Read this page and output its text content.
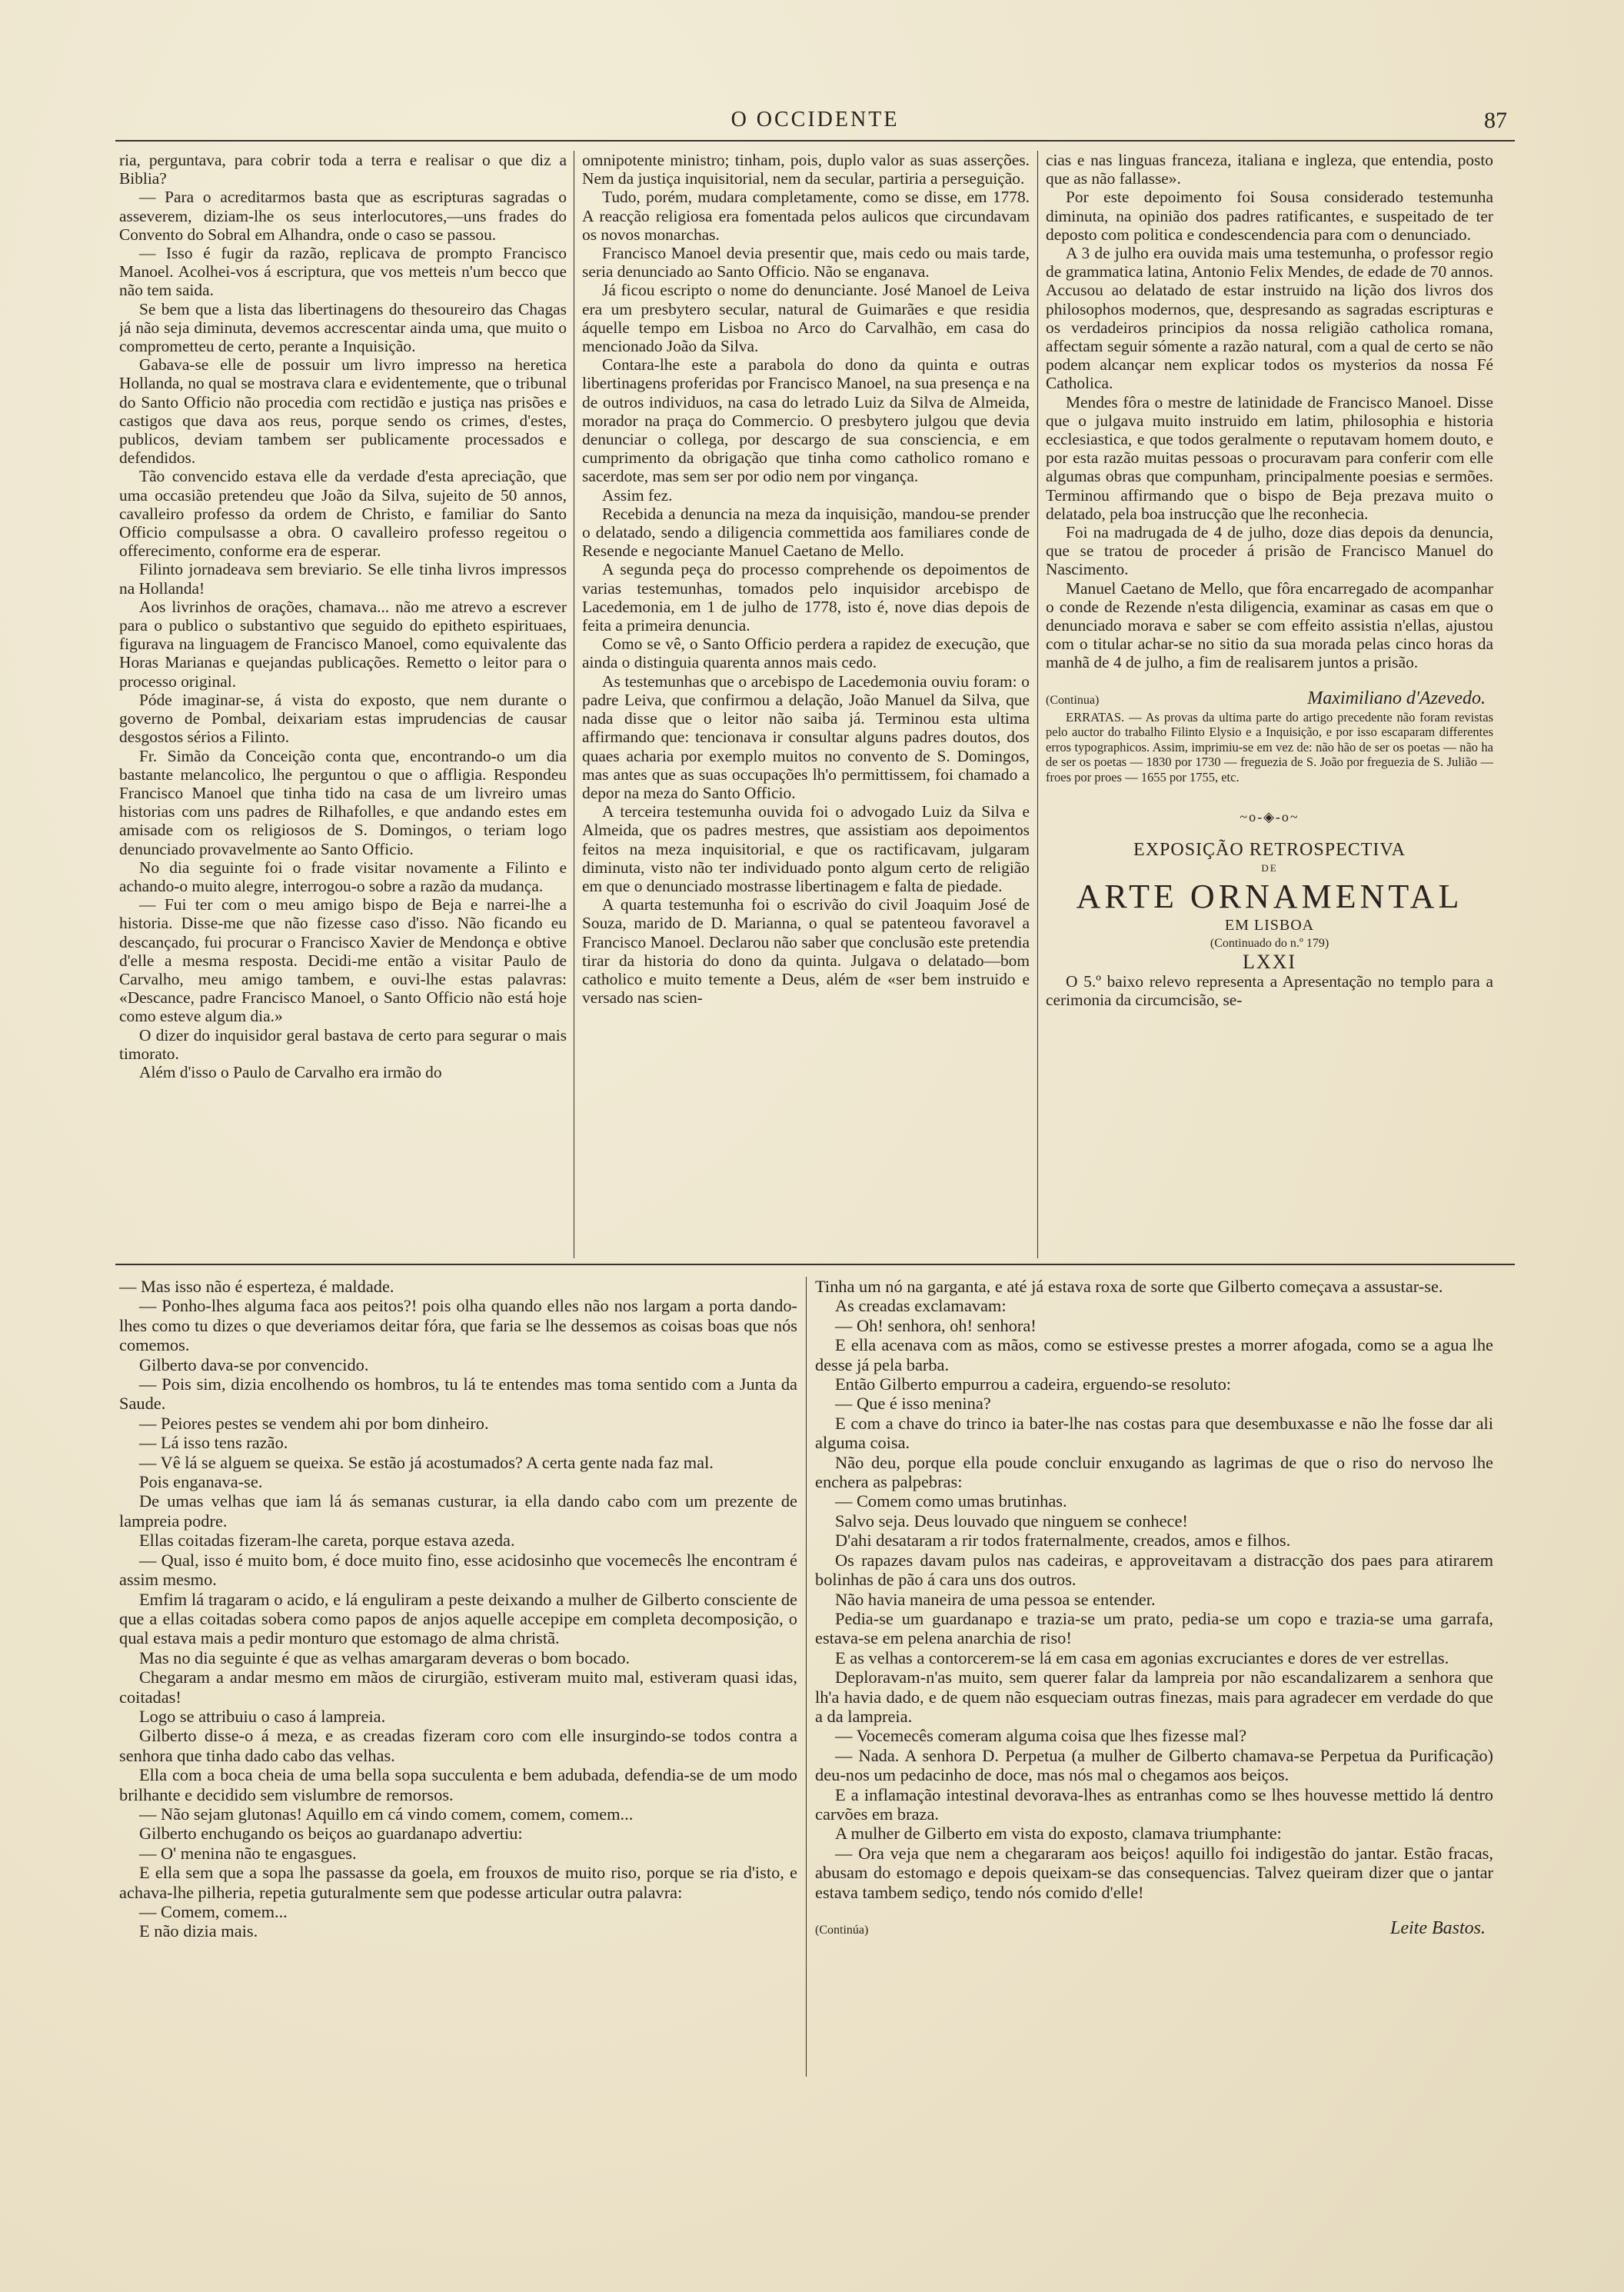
O OCCIDENTE	87

ria, perguntava, para cobrir toda a terra e realisar o que diz a Biblia?

— Para o acreditarmos basta que as escripturas sagradas o asseverem, diziam-lhe os seus interlocutores,—uns frades do Convento do Sobral em Alhandra, onde o caso se passou.

— Isso é fugir da razão, replicava de prompto Francisco Manoel. Acolhei-vos á escriptura, que vos metteis n'um becco que não tem saida.

Se bem que a lista das libertinagens do thesoureiro das Chagas já não seja diminuta, devemos accrescentar ainda uma, que muito o comprometteu de certo, perante a Inquisição.

Gabava-se elle de possuir um livro impresso na heretica Hollanda, no qual se mostrava clara e evidentemente, que o tribunal do Santo Officio não procedia com rectidão e justiça nas prisões e castigos que dava aos reus, porque sendo os crimes, d'estes, publicos, deviam tambem ser publicamente processados e defendidos.

Tão convencido estava elle da verdade d'esta apreciação, que uma occasião pretendeu que João da Silva, sujeito de 50 annos, cavalleiro professo da ordem de Christo, e familiar do Santo Officio compulsasse a obra. O cavalleiro professo regeitou o offerecimento, conforme era de esperar.

Filinto jornadeava sem breviario. Se elle tinha livros impressos na Hollanda!

Aos livrinhos de orações, chamava... não me atrevo a escrever para o publico o substantivo que seguido do epitheto espirituaes, figurava na linguagem de Francisco Manoel, como equivalente das Horas Marianas e quejandas publicações. Remetto o leitor para o processo original.

Póde imaginar-se, á vista do exposto, que nem durante o governo de Pombal, deixariam estas imprudencias de causar desgostos sérios a Filinto.

Fr. Simão da Conceição conta que, encontrando-o um dia bastante melancolico, lhe perguntou o que o affligia. Respondeu Francisco Manoel que tinha tido na casa de um livreiro umas historias com uns padres de Rilhafolles, e que andando estes em amisade com os religiosos de S. Domingos, o teriam logo denunciado provavelmente ao Santo Officio.

No dia seguinte foi o frade visitar novamente a Filinto e achando-o muito alegre, interrogou-o sobre a razão da mudança.

— Fui ter com o meu amigo bispo de Beja e narrei-lhe a historia. Disse-me que não fizesse caso d'isso. Não ficando eu descançado, fui procurar o Francisco Xavier de Mendonça e obtive d'elle a mesma resposta. Decidi-me então a visitar Paulo de Carvalho, meu amigo tambem, e ouvi-lhe estas palavras: «Descance, padre Francisco Manoel, o Santo Officio não está hoje como esteve algum dia.»

O dizer do inquisidor geral bastava de certo para segurar o mais timorato.

Além d'isso o Paulo de Carvalho era irmão do

omnipotente ministro; tinham, pois, duplo valor as suas asserções. Nem da justiça inquisitorial, nem da secular, partiria a perseguição.

Tudo, porém, mudara completamente, como se disse, em 1778. A reacção religiosa era fomentada pelos aulicos que circundavam os novos monarchas.

Francisco Manoel devia presentir que, mais cedo ou mais tarde, seria denunciado ao Santo Officio. Não se enganava.

Já ficou escripto o nome do denunciante. José Manoel de Leiva era um presbytero secular, natural de Guimarães e que residia áquelle tempo em Lisboa no Arco do Carvalhão, em casa do mencionado João da Silva.

Contara-lhe este a parabola do dono da quinta e outras libertinagens proferidas por Francisco Manoel, na sua presença e na de outros individuos, na casa do letrado Luiz da Silva de Almeida, morador na praça do Commercio. O presbytero julgou que devia denunciar o collega, por descargo de sua consciencia, e em cumprimento da obrigação que tinha como catholico romano e sacerdote, mas sem ser por odio nem por vingança.

Assim fez.

Recebida a denuncia na meza da inquisição, mandou-se prender o delatado, sendo a diligencia commettida aos familiares conde de Resende e negociante Manuel Caetano de Mello.

A segunda peça do processo comprehende os depoimentos de varias testemunhas, tomados pelo inquisidor arcebispo de Lacedemonia, em 1 de julho de 1778, isto é, nove dias depois de feita a primeira denuncia.

Como se vê, o Santo Officio perdera a rapidez de execução, que ainda o distinguia quarenta annos mais cedo.

As testemunhas que o arcebispo de Lacedemonia ouviu foram: o padre Leiva, que confirmou a delação, João Manuel da Silva, que nada disse que o leitor não saiba já. Terminou esta ultima affirmando que: tencionava ir consultar alguns padres doutos, dos quaes acharia por exemplo muitos no convento de S. Domingos, mas antes que as suas occupações lh'o permittissem, foi chamado a depor na meza do Santo Officio.

A terceira testemunha ouvida foi o advogado Luiz da Silva e Almeida, que os padres mestres, que assistiam aos depoimentos feitos na meza inquisitorial, e que os ractificavam, julgaram diminuta, visto não ter individuado ponto algum certo de religião em que o denunciado mostrasse libertinagem e falta de piedade.

A quarta testemunha foi o escrivão do civil Joaquim José de Souza, marido de D. Marianna, o qual se patenteou favoravel a Francisco Manoel. Declarou não saber que conclusão este pretendia tirar da historia do dono da quinta. Julgava o delatado—bom catholico e muito temente a Deus, além de «ser bem instruido e versado nas scien-

cias e nas linguas franceza, italiana e ingleza, que entendia, posto que as não fallasse».

Por este depoimento foi Sousa considerado testemunha diminuta, na opinião dos padres ratificantes, e suspeitado de ter deposto com politica e condescendencia para com o denunciado.

A 3 de julho era ouvida mais uma testemunha, o professor regio de grammatica latina, Antonio Felix Mendes, de edade de 70 annos. Accusou ao delatado de estar instruido na lição dos livros dos philosophos modernos, que, despresando as sagradas escripturas e os verdadeiros principios da nossa religião catholica romana, affectam seguir sómente a razão natural, com a qual de certo se não podem alcançar nem explicar todos os mysterios da nossa Fé Catholica.

Mendes fôra o mestre de latinidade de Francisco Manoel. Disse que o julgava muito instruido em latim, philosophia e historia ecclesiastica, e que todos geralmente o reputavam homem douto, e por esta razão muitas pessoas o procuravam para conferir com elle algumas obras que compunham, principalmente poesias e sermões. Terminou affirmando que o bispo de Beja prezava muito o delatado, pela boa instrucção que lhe reconhecia.

Foi na madrugada de 4 de julho, doze dias depois da denuncia, que se tratou de proceder á prisão de Francisco Manuel do Nascimento.

Manuel Caetano de Mello, que fôra encarregado de acompanhar o conde de Rezende n'esta diligencia, examinar as casas em que o denunciado morava e saber se com effeito assistia n'ellas, ajustou com o titular achar-se no sitio da sua morada pelas cinco horas da manhã de 4 de julho, a fim de realisarem juntos a prisão.

(Continua)	Maximiliano d'Azevedo.

ERRATAS. — As provas da ultima parte do artigo precedente não foram revistas pelo auctor do trabalho Filinto Elysio e a Inquisição, e por isso escaparam differentes erros typographicos. Assim, imprimiu-se em vez de: não hão de ser os poetas — não ha de ser os poetas — 1830 por 1730 — freguezia de S. João por freguezia de S. Julião — froes por proes — 1655 por 1755, etc.

~o-◈-o~

EXPOSIÇÃO RETROSPECTIVA

DE

ARTE ORNAMENTAL

EM LISBOA

(Continuado do n.º 179)

LXXI

O 5.º baixo relevo representa a Apresentação no templo para a cerimonia da circumcisão, se-

— Mas isso não é esperteza, é maldade.

— Ponho-lhes alguma faca aos peitos?! pois olha quando elles não nos largam a porta dando-lhes como tu dizes o que deveriamos deitar fóra, que faria se lhe dessemos as coisas boas que nós comemos.

Gilberto dava-se por convencido.

— Pois sim, dizia encolhendo os hombros, tu lá te entendes mas toma sentido com a Junta da Saude.

— Peiores pestes se vendem ahi por bom dinheiro.

— Lá isso tens razão.

— Vê lá se alguem se queixa. Se estão já acostumados? A certa gente nada faz mal.

Pois enganava-se.

De umas velhas que iam lá ás semanas custurar, ia ella dando cabo com um prezente de lampreia podre.

Ellas coitadas fizeram-lhe careta, porque estava azeda.

— Qual, isso é muito bom, é doce muito fino, esse acidosinho que vocemecês lhe encontram é assim mesmo.

Emfim lá tragaram o acido, e lá enguliram a peste deixando a mulher de Gilberto consciente de que a ellas coitadas sobera como papos de anjos aquelle accepipe em completa decomposição, o qual estava mais a pedir monturo que estomago de alma christã.

Mas no dia seguinte é que as velhas amargaram deveras o bom bocado.

Chegaram a andar mesmo em mãos de cirurgião, estiveram muito mal, estiveram quasi idas, coitadas!

Logo se attribuiu o caso á lampreia.

Gilberto disse-o á meza, e as creadas fizeram coro com elle insurgindo-se todos contra a senhora que tinha dado cabo das velhas.

Ella com a boca cheia de uma bella sopa succulenta e bem adubada, defendia-se de um modo brilhante e decidido sem vislumbre de remorsos.

— Não sejam glutonas! Aquillo em cá vindo comem, comem, comem...

Gilberto enchugando os beiços ao guardanapo advertiu:

— O' menina não te engasgues.

E ella sem que a sopa lhe passasse da goela, em frouxos de muito riso, porque se ria d'isto, e achava-lhe pilheria, repetia guturalmente sem que podesse articular outra palavra:

— Comem, comem...

E não dizia mais.

Tinha um nó na garganta, e até já estava roxa de sorte que Gilberto começava a assustar-se.

As creadas exclamavam:

— Oh! senhora, oh! senhora!

E ella acenava com as mãos, como se estivesse prestes a morrer afogada, como se a agua lhe desse já pela barba.

Então Gilberto empurrou a cadeira, erguendo-se resoluto:

— Que é isso menina?

E com a chave do trinco ia bater-lhe nas costas para que desembuxasse e não lhe fosse dar ali alguma coisa.

Não deu, porque ella poude concluir enxugando as lagrimas de que o riso do nervoso lhe enchera as palpebras:

— Comem como umas brutinhas.

Salvo seja. Deus louvado que ninguem se conhece!

D'ahi desataram a rir todos fraternalmente, creados, amos e filhos.

Os rapazes davam pulos nas cadeiras, e approveitavam a distracção dos paes para atirarem bolinhas de pão á cara uns dos outros.

Não havia maneira de uma pessoa se entender.

Pedia-se um guardanapo e trazia-se um prato, pedia-se um copo e trazia-se uma garrafa, estava-se em pelena anarchia de riso!

E as velhas a contorcerem-se lá em casa em agonias excruciantes e dores de ver estrellas.

Deploravam-n'as muito, sem querer falar da lampreia por não escandalizarem a senhora que lh'a havia dado, e de quem não esqueciam outras finezas, mais para agradecer em verdade do que a da lampreia.

— Vocemecês comeram alguma coisa que lhes fizesse mal?

— Nada. A senhora D. Perpetua (a mulher de Gilberto chamava-se Perpetua da Purificação) deu-nos um pedacinho de doce, mas nós mal o chegamos aos beiços.

E a inflamação intestinal devorava-lhes as entranhas como se lhes houvesse mettido lá dentro carvões em braza.

A mulher de Gilberto em vista do exposto, clamava triumphante:

— Ora veja que nem a chegararam aos beiços! aquillo foi indigestão do jantar. Estão fracas, abusam do estomago e depois queixam-se das consequencias. Talvez queiram dizer que o jantar estava tambem sediço, tendo nós comido d'elle!

(Continúa)	Leite Bastos.
